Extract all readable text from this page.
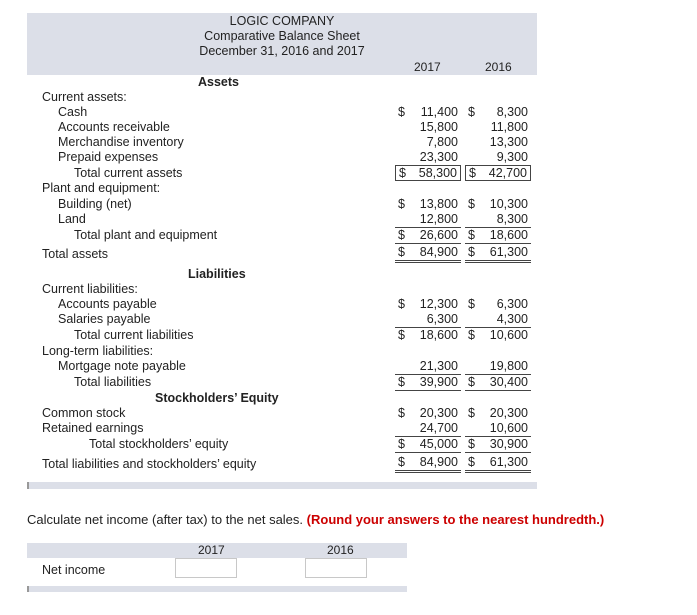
LOGIC COMPANY
Comparative Balance Sheet
December 31, 2016 and 2017
2017	2016
Assets
Current assets:
Cash	$ 11,400 $ 8,300
Accounts receivable	15,800	11,800
Merchandise inventory	7,800	13,300
Prepaid expenses	23,300	9,300
Total current assets	$ 58,300 $ 42,700
Plant and equipment:
Building (net)	$ 13,800 $ 10,300
Land	12,800	8,300
Total plant and equipment	$ 26,600 $ 18,600
Total assets	$ 84,900 $ 61,300
Liabilities
Current liabilities:
Accounts payable	$ 12,300 $ 6,300
Salaries payable	6,300	4,300
Total current liabilities	$ 18,600 $ 10,600
Long-term liabilities:
Mortgage note payable	21,300	19,800
Total liabilities	$ 39,900 $ 30,400
Stockholders’ Equity
Common stock	$ 20,300 $ 20,300
Retained earnings	24,700	10,600
Total stockholders’ equity	$ 45,000 $ 30,900
Total liabilities and stockholders’ equity	$ 84,900 $ 61,300
Calculate net income (after tax) to the net sales. (Round your answers to the nearest hundredth.)
2017	2016
Net income
